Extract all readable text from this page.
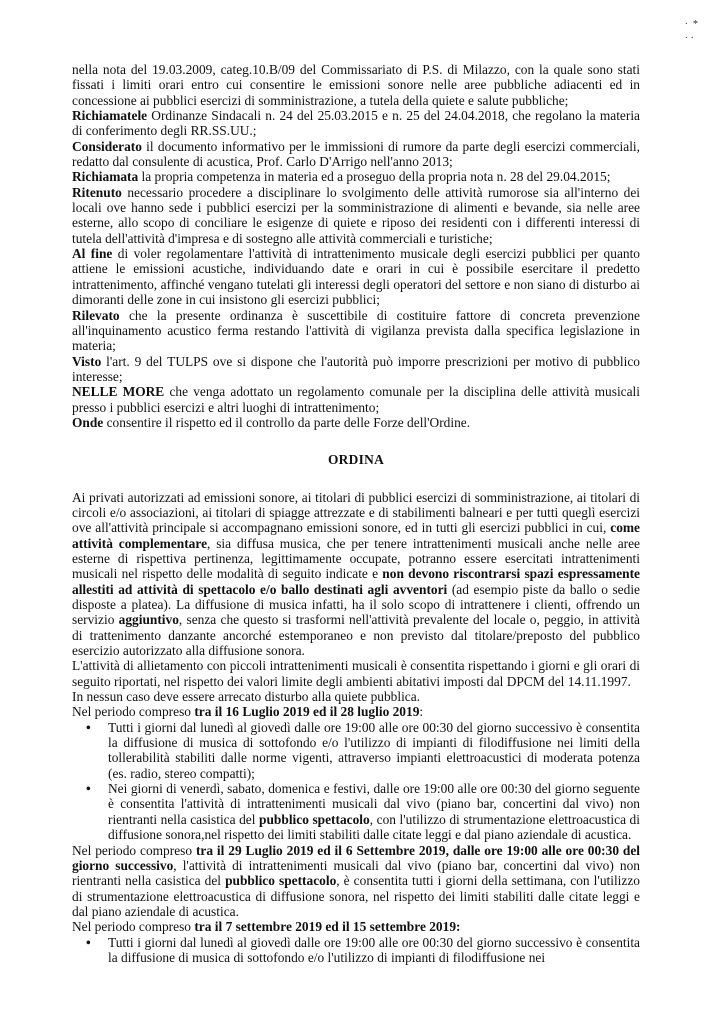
·  *
· ·

nella nota del 19.03.2009, categ.10.B/09 del Commissariato di P.S. di Milazzo, con la quale sono stati fissati i limiti orari entro cui consentire le emissioni sonore nelle aree pubbliche adiacenti ed in concessione ai pubblici esercizi di somministrazione, a tutela della quiete e salute pubbliche;

Richiamatele Ordinanze Sindacali n. 24 del 25.03.2015 e n. 25 del 24.04.2018, che regolano la materia di conferimento degli RR.SS.UU.;

Considerato il documento informativo per le immissioni di rumore da parte degli esercizi commerciali, redatto dal consulente di acustica, Prof. Carlo D'Arrigo nell'anno 2013;

Richiamata la propria competenza in materia ed a proseguo della propria nota n. 28 del 29.04.2015;

Ritenuto necessario procedere a disciplinare lo svolgimento delle attività rumorose sia all'interno dei locali ove hanno sede i pubblici esercizi per la somministrazione di alimenti e bevande, sia nelle aree esterne, allo scopo di conciliare le esigenze di quiete e riposo dei residenti con i differenti interessi di tutela dell'attività d'impresa e di sostegno alle attività commerciali e turistiche;

Al fine di voler regolamentare l'attività di intrattenimento musicale degli esercizi pubblici per quanto attiene le emissioni acustiche, individuando date e orari in cui è possibile esercitare il predetto intrattenimento, affinché vengano tutelati gli interessi degli operatori del settore e non siano di disturbo ai dimoranti delle zone in cui insistono gli esercizi pubblici;

Rilevato che la presente ordinanza è suscettibile di costituire fattore di concreta prevenzione all'inquinamento acustico ferma restando l'attività di vigilanza prevista dalla specifica legislazione in materia;

Visto l'art. 9 del TULPS ove si dispone che l'autorità può imporre prescrizioni per motivo di pubblico interesse;

NELLE MORE che venga adottato un regolamento comunale per la disciplina delle attività musicali presso i pubblici esercizi e altri luoghi di intrattenimento;

Onde consentire il rispetto ed il controllo da parte delle Forze dell'Ordine.

ORDINA

Ai privati autorizzati ad emissioni sonore, ai titolari di pubblici esercizi di somministrazione, ai titolari di circoli e/o associazioni, ai titolari di spiagge attrezzate e di stabilimenti balneari e per tutti queglì esercizi ove all'attività principale si accompagnano emissioni sonore, ed in tutti gli esercizi pubblici in cui, come attività complementare, sia diffusa musica, che per tenere intrattenimenti musicali anche nelle aree esterne di rispettiva pertinenza, legittimamente occupate, potranno essere esercitati intrattenimenti musicali nel rispetto delle modalità di seguito indicate e non devono riscontrarsi spazi espressamente allestiti ad attività di spettacolo e/o ballo destinati agli avventori (ad esempio piste da ballo o sedie disposte a platea). La diffusione di musica infatti, ha il solo scopo di intrattenere i clienti, offrendo un servizio aggiuntivo, senza che questo si trasformi nell'attività prevalente del locale o, peggio, in attività di trattenimento danzante ancorché estemporaneo e non previsto dal titolare/preposto del pubblico esercizio autorizzato alla diffusione sonora.

L'attività di allietamento con piccoli intrattenimenti musicali è consentita rispettando i giorni e gli orari di seguito riportati, nel rispetto dei valori limite degli ambienti abitativi imposti dal DPCM del 14.11.1997.

In nessun caso deve essere arrecato disturbo alla quiete pubblica.

Nel periodo compreso tra il 16 Luglio 2019 ed il 28 luglio 2019:

• Tutti i giorni dal lunedì al giovedì dalle ore 19:00 alle ore 00:30 del giorno successivo è consentita la diffusione di musica di sottofondo e/o l'utilizzo di impianti di filodiffusione nei limiti della tollerabilità stabiliti dalle norme vigenti, attraverso impianti elettroacustici di moderata potenza (es. radio, stereo compatti);
• Nei giorni di venerdì, sabato, domenica e festivi, dalle ore 19:00 alle ore 00:30 del giorno seguente è consentita l'attività di intrattenimenti musicali dal vivo (piano bar, concertini dal vivo) non rientranti nella casistica del pubblico spettacolo, con l'utilizzo di strumentazione elettroacustica di diffusione sonora,nel rispetto dei limiti stabiliti dalle citate leggi e dal piano aziendale di acustica.

Nel periodo compreso tra il 29 Luglio 2019 ed il 6 Settembre 2019, dalle ore 19:00 alle ore 00:30 del giorno successivo, l'attività di intrattenimenti musicali dal vivo (piano bar, concertini dal vivo) non rientranti nella casistica del pubblico spettacolo, è consentita tutti i giorni della settimana, con l'utilizzo di strumentazione elettroacustica di diffusione sonora, nel rispetto dei limiti stabiliti dalle citate leggi e dal piano aziendale di acustica.

Nel periodo compreso tra il 7 settembre 2019 ed il 15 settembre 2019:

• Tutti i giorni dal lunedì al giovedì dalle ore 19:00 alle ore 00:30 del giorno successivo è consentita la diffusione di musica di sottofondo e/o l'utilizzo di impianti di filodiffusione nei
